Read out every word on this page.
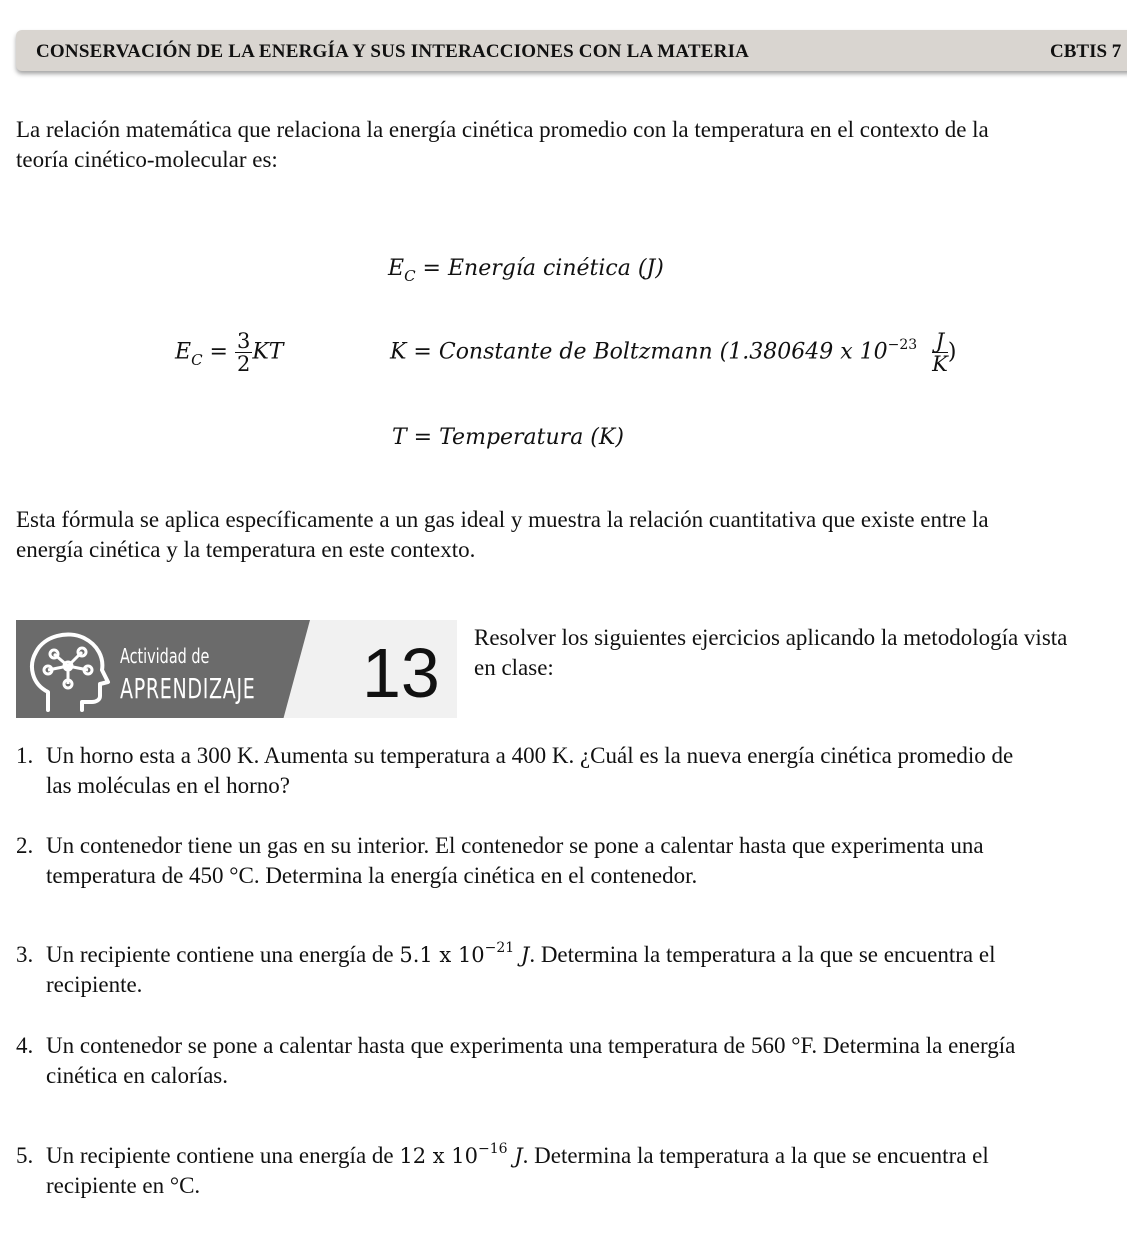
CONSERVACIÓN DE LA ENERGÍA Y SUS INTERACCIONES CON LA MATERIA	CBTIS 7
La relación matemática que relaciona la energía cinética promedio con la temperatura en el contexto de la
teoría cinético-molecular es:
$E_C$ = Energía cinética (J)
$E_C = \frac{3}{2}$ KT	K = Constante de Boltzmann (1.380649 x $10^{-23} \frac{J}{K}$ )
T = Temperatura (K)
Esta fórmula se aplica específicamente a un gas ideal y muestra la relación cuantitativa que existe entre la
energía cinética y la temperatura en este contexto.
Actividad de
APRENDIZAJE 13 Resolver los siguientes ejercicios aplicando la metodología vista
en clase:
1. Un horno esta a 300 K. Aumenta su temperatura a 400 K. ¿Cuál es la nueva energía cinética promedio de
las moléculas en el horno?
2. Un contenedor tiene un gas en su interior. El contenedor se pone a calentar hasta que experimenta una
temperatura de 450 °C. Determina la energía cinética en el contenedor.
3. Un recipiente contiene una energía de 5.1 x $10^{-21}$ J. Determina la temperatura a la que se encuentra el
recipiente.
4. Un contenedor se pone a calentar hasta que experimenta una temperatura de 560 °F. Determina la energía
cinética en calorías.
5. Un recipiente contiene una energía de 12 x $10^{-16}$ J. Determina la temperatura a la que se encuentra el
recipiente en °C.
